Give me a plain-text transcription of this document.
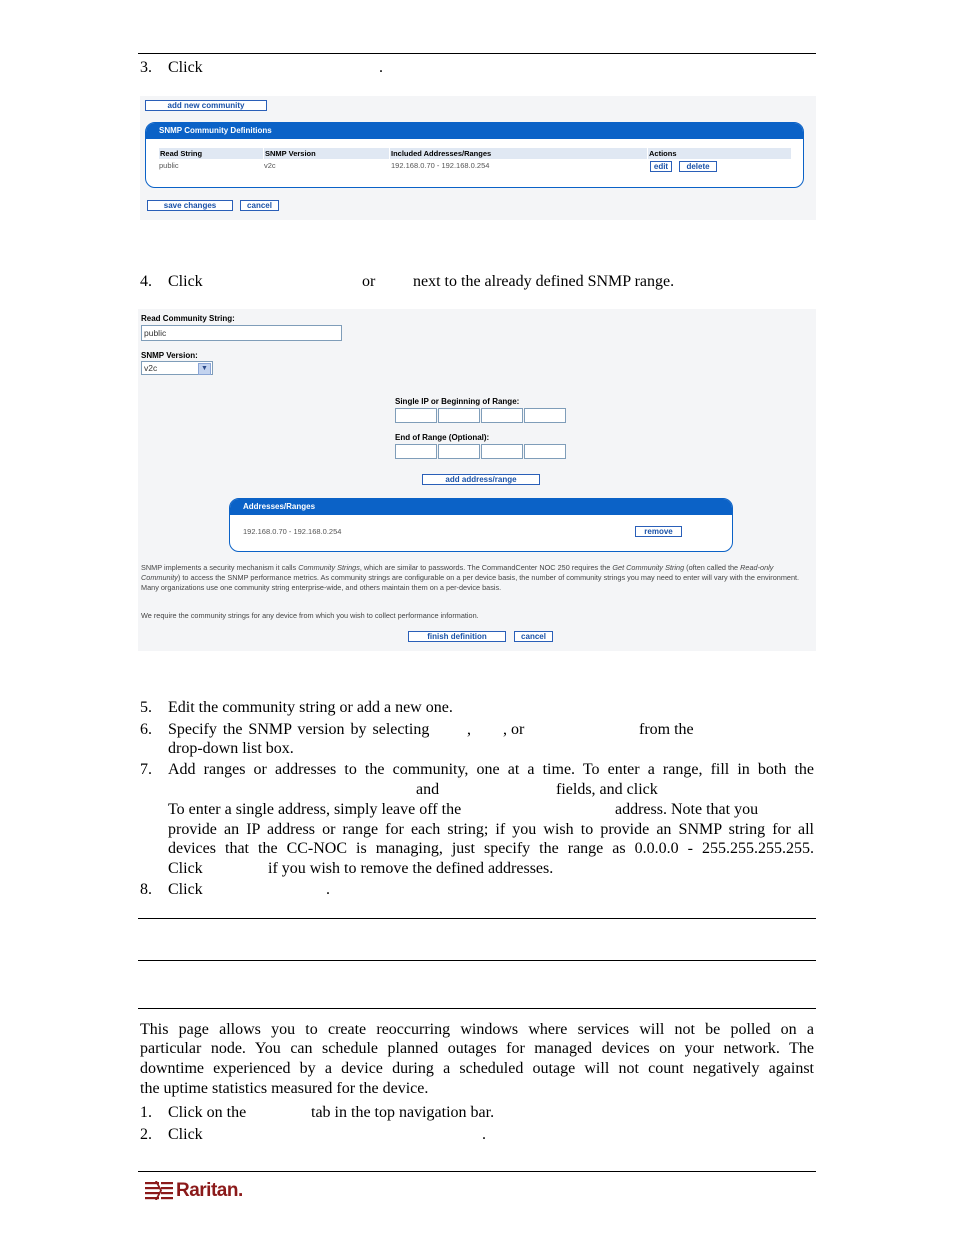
3. Click	.
add new community
SNMP Community Definitions
Read String	SNMP Version	Included Addresses/Ranges	Actions
public	v2c	192.168.0.70 - 192.168.0.254	edit	delete
save changes	cancel
4. Click	or next to the already defined SNMP range.
Read Community String:
public
SNMP Version:
v2c	▼
Single IP or Beginning of Range:
End of Range (Optional):
add address/range
Addresses/Ranges
192.168.0.70 - 192.168.0.254	remove
SNMP implements a security mechanism it calls Community Strings, which are similar to passwords. The CommandCenter NOC 250 requires the Get Community String (often called the Read-only Community) to access the SNMP performance metrics. As community strings are configurable on a per device basis, the number of community strings you may need to enter will vary with the environment. Many organizations use one community string enterprise-wide, and others maintain them on a per-device basis.
We require the community strings for any device from which you wish to collect performance information.
finish definition	cancel
5. Edit the community string or add a new one.
6. Specify the SNMP version by selecting , , or	from the
drop-down list box.
7. Add ranges or addresses to the community, one at a time. To enter a range, fill in both the
and	fields, and click
To enter a single address, simply leave off the	address. Note that you
provide an IP address or range for each string; if you wish to provide an SNMP string for all
devices that the CC-NOC is managing, just specify the range as 0.0.0.0 - 255.255.255.255.
Click	if you wish to remove the defined addresses.
8. Click	.
This page allows you to create reoccurring windows where services will not be polled on a
particular node. You can schedule planned outages for managed devices on your network. The
downtime experienced by a device during a scheduled outage will not count negatively against
the uptime statistics measured for the device.
1. Click on the	tab in the top navigation bar.
2. Click	.
Raritan.
